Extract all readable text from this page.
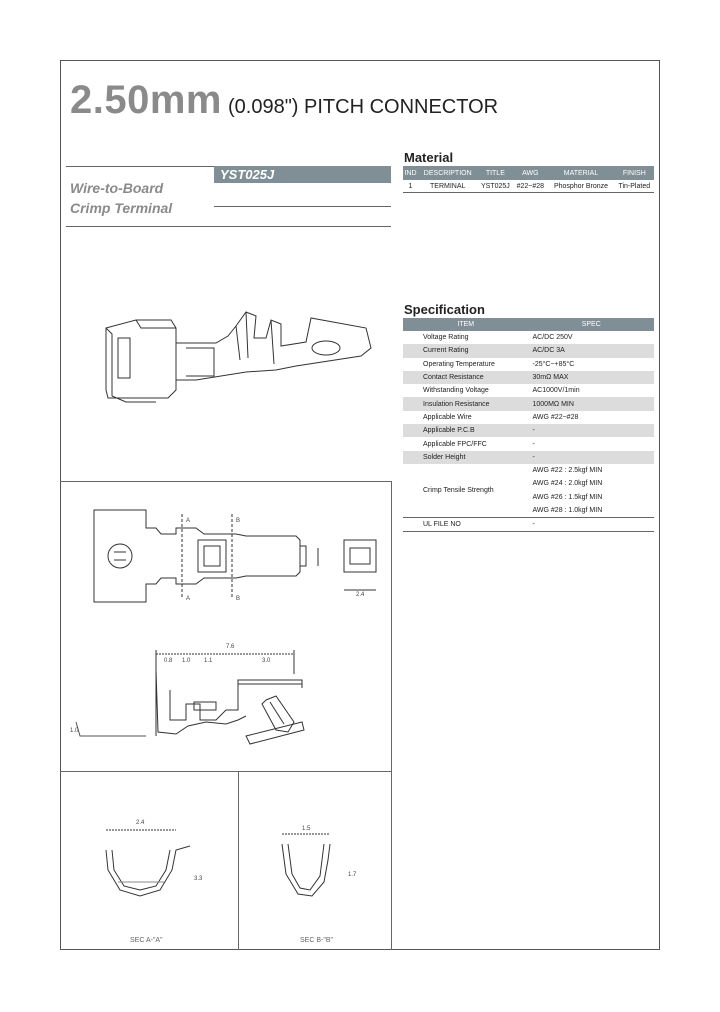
2.50mm (0.098") PITCH CONNECTOR
Wire-to-Board
Crimp Terminal
YST025J
Material
IND	DESCRIPTION	TITLE	AWG	MATERIAL	FINISH
1	TERMINAL	YST025J	#22~#28	Phosphor Bronze	Tin-Plated
Specification
ITEM	SPEC
Voltage Rating	AC/DC 250V
Current Rating	AC/DC 3A
Operating Temperature	-25°C~+85°C
Contact Resistance	30mΩ MAX
Withstanding Voltage	AC1000V/1min
Insulation Resistance	1000MΩ MIN
Applicable Wire	AWG #22~#28
Applicable P.C.B	-
Applicable FPC/FFC	-
Solder Height	-
Crimp Tensile Strength	AWG #22 : 2.5kgf MIN
AWG #24 : 2.0kgf MIN
AWG #26 : 1.5kgf MIN
AWG #28 : 1.0kgf MIN

UL FILE NO	-
A	B
A	B
2.4
0.8 1.0 1.1
7.6
3.0
1.0
2.4
3.3
1.5
1.7
SEC A-"A"	SEC B-"B"
